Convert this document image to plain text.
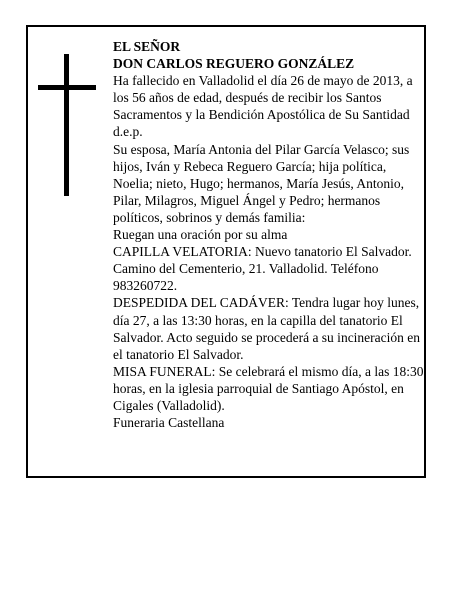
EL SEÑOR

DON CARLOS REGUERO GONZÁLEZ

Ha fallecido en Valladolid el día 26 de mayo de 2013, a los 56 años de edad, después de recibir los Santos Sacramentos y la Bendición Apostólica de Su Santidad d.e.p.

Su esposa, María Antonia del Pilar García Velasco; sus hijos, Iván y Rebeca Reguero García; hija política, Noelia; nieto, Hugo; hermanos, María Jesús, Antonio, Pilar, Milagros, Miguel Ángel y Pedro; hermanos políticos, sobrinos y demás familia:

Ruegan una oración por su alma

CAPILLA VELATORIA: Nuevo tanatorio El Salvador. Camino del Cementerio, 21. Valladolid. Teléfono 983260722.

DESPEDIDA DEL CADÁVER: Tendra lugar hoy lunes, día 27, a las 13:30 horas, en la capilla del tanatorio El Salvador. Acto seguido se procederá a su incineración en el tanatorio El Salvador.

MISA FUNERAL: Se celebrará el mismo día, a las 18:30 horas, en la iglesia parroquial de Santiago Apóstol, en Cigales (Valladolid).

Funeraria Castellana
